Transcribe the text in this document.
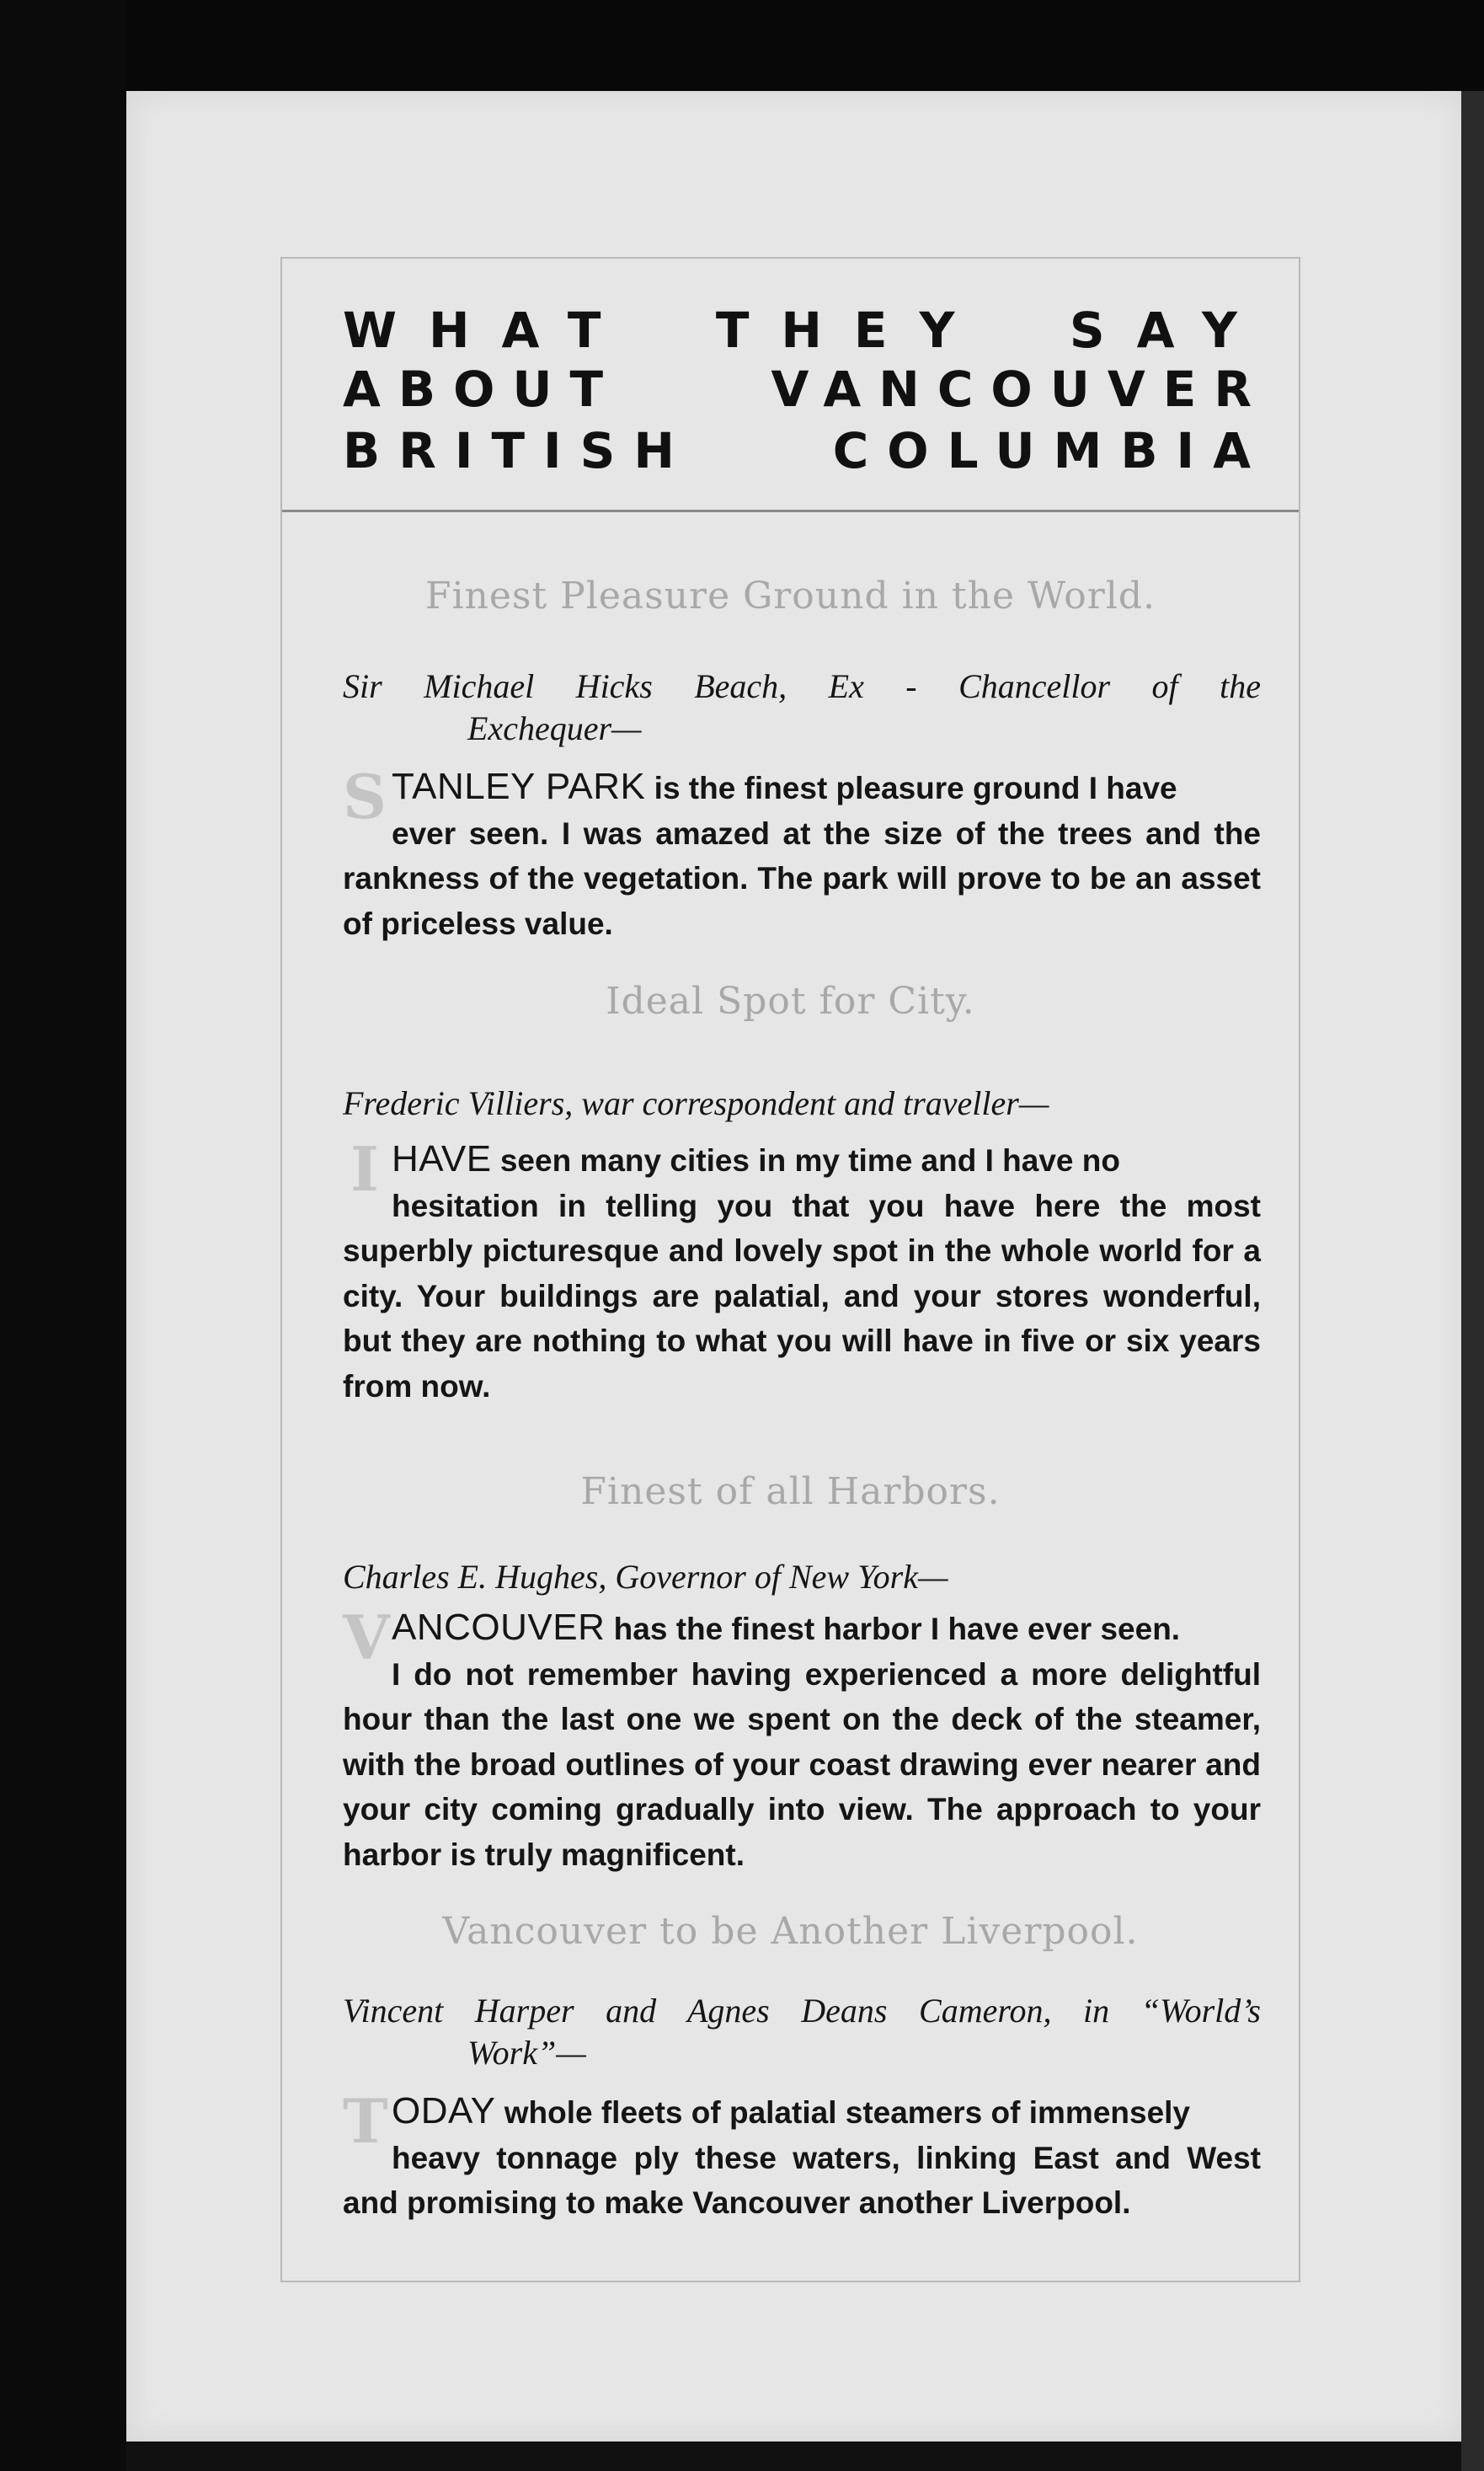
WHAT THEY SAY
ABOUT VANCOUVER
BRITISH COLUMBIA
Finest Pleasure Ground in the World.
Sir Michael Hicks Beach, Ex - Chancellor of the
Exchequer—
S TANLEY PARK is the finest pleasure ground I have
ever seen. I was amazed at the size of the trees and the rankness of the vegetation. The park will prove to be an asset of priceless value.
Ideal Spot for City.
Frederic Villiers, war correspondent and traveller—
I HAVE seen many cities in my time and I have no
hesitation in telling you that you have here the most superbly picturesque and lovely spot in the whole world for a city. Your buildings are palatial, and your stores wonderful, but they are nothing to what you will have in five or six years from now.
Finest of all Harbors.
Charles E. Hughes, Governor of New York—
V ANCOUVER has the finest harbor I have ever seen.
I do not remember having experienced a more delightful hour than the last one we spent on the deck of the steamer, with the broad outlines of your coast drawing ever nearer and your city coming gradually into view. The approach to your harbor is truly magnificent.
Vancouver to be Another Liverpool.
Vincent Harper and Agnes Deans Cameron, in “World’s
Work”—
T ODAY whole fleets of palatial steamers of immensely
heavy tonnage ply these waters, linking East and West and promising to make Vancouver another Liverpool.
